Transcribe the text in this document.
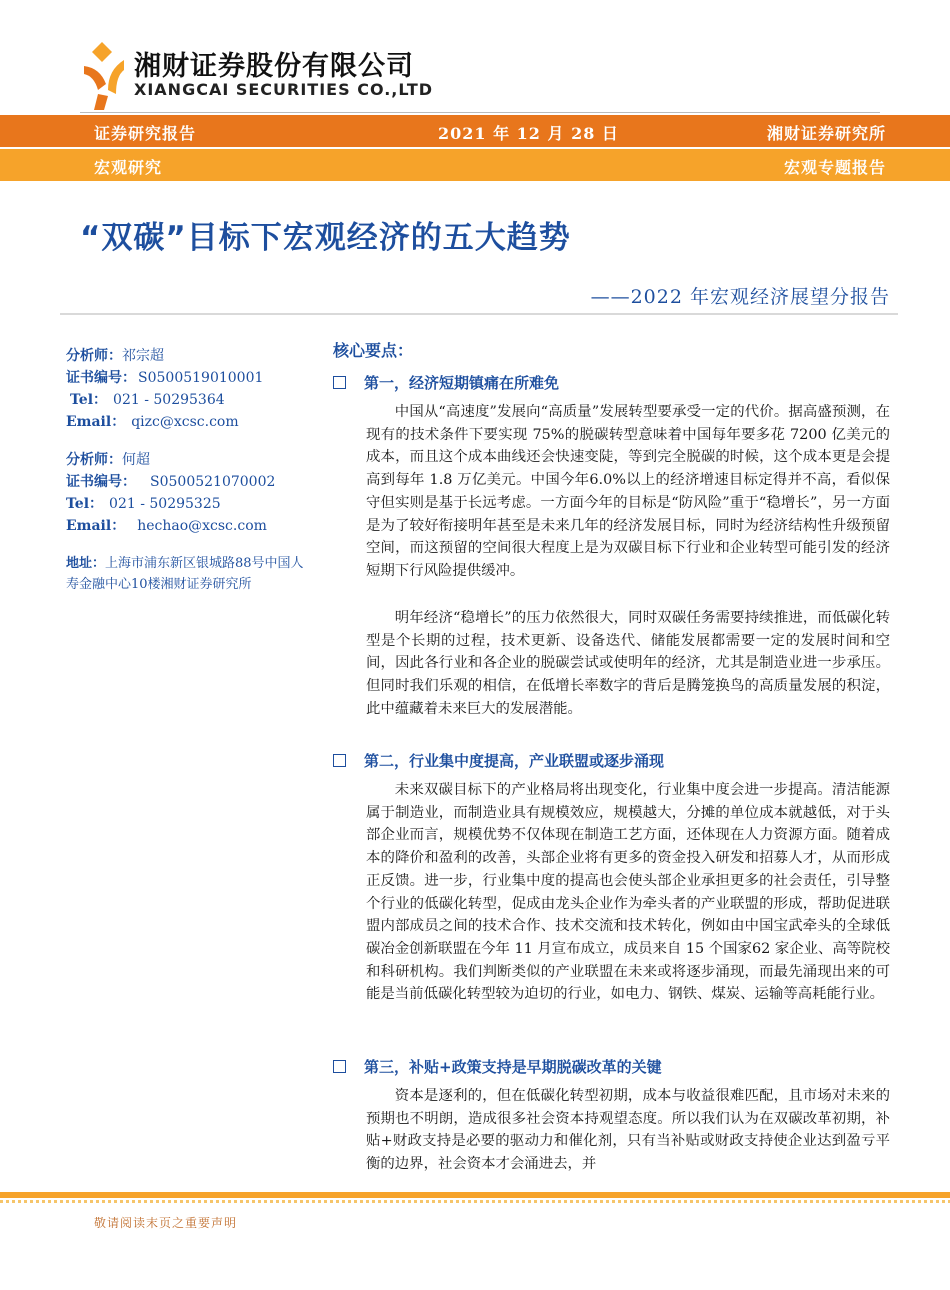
湘财证券股份有限公司
XIANGCAI SECURITIES CO.,LTD
证券研究报告	2021 年 12 月 28 日	湘财证券研究所
宏观研究	宏观专题报告
“双碳”目标下宏观经济的五大趋势
——2022 年宏观经济展望分报告
分析师：祁宗超
证书编号： S0500519010001
Tel： 021 - 50295364
Email： qizc@xcsc.com
分析师：何超
证书编号： S0500521070002
Tel： 021 - 50295325
Email： hechao@xcsc.com
地址：上海市浦东新区银城路88号中国人寿金融中心10楼湘财证券研究所
核心要点：
第一，经济短期镇痛在所难免
中国从“高速度”发展向“高质量”发展转型要承受一定的代价。据高盛预测，在现有的技术条件下要实现 75%的脱碳转型意味着中国每年要多花 7200 亿美元的成本，而且这个成本曲线还会快速变陡，等到完全脱碳的时候，这个成本更是会提高到每年 1.8 万亿美元。中国今年6.0%以上的经济增速目标定得并不高，看似保守但实则是基于长远考虑。一方面今年的目标是“防风险”重于“稳增长”，另一方面是为了较好衔接明年甚至是未来几年的经济发展目标，同时为经济结构性升级预留空间，而这预留的空间很大程度上是为双碳目标下行业和企业转型可能引发的经济短期下行风险提供缓冲。
明年经济“稳增长”的压力依然很大，同时双碳任务需要持续推进，而低碳化转型是个长期的过程，技术更新、设备迭代、储能发展都需要一定的发展时间和空间，因此各行业和各企业的脱碳尝试或使明年的经济，尤其是制造业进一步承压。但同时我们乐观的相信，在低增长率数字的背后是腾笼换鸟的高质量发展的积淀，此中蕴藏着未来巨大的发展潜能。
第二，行业集中度提高，产业联盟或逐步涌现
未来双碳目标下的产业格局将出现变化，行业集中度会进一步提高。清洁能源属于制造业，而制造业具有规模效应，规模越大，分摊的单位成本就越低，对于头部企业而言，规模优势不仅体现在制造工艺方面，还体现在人力资源方面。随着成本的降价和盈利的改善，头部企业将有更多的资金投入研发和招募人才，从而形成正反馈。进一步，行业集中度的提高也会使头部企业承担更多的社会责任，引导整个行业的低碳化转型，促成由龙头企业作为牵头者的产业联盟的形成，帮助促进联盟内部成员之间的技术合作、技术交流和技术转化，例如由中国宝武牵头的全球低碳冶金创新联盟在今年 11 月宣布成立，成员来自 15 个国家62 家企业、高等院校和科研机构。我们判断类似的产业联盟在未来或将逐步涌现，而最先涌现出来的可能是当前低碳化转型较为迫切的行业，如电力、钢铁、煤炭、运输等高耗能行业。
第三，补贴+政策支持是早期脱碳改革的关键
资本是逐利的，但在低碳化转型初期，成本与收益很难匹配，且市场对未来的预期也不明朗，造成很多社会资本持观望态度。所以我们认为在双碳改革初期，补贴+财政支持是必要的驱动力和催化剂，只有当补贴或财政支持使企业达到盈亏平衡的边界，社会资本才会涌进去，并
敬请阅读末页之重要声明
